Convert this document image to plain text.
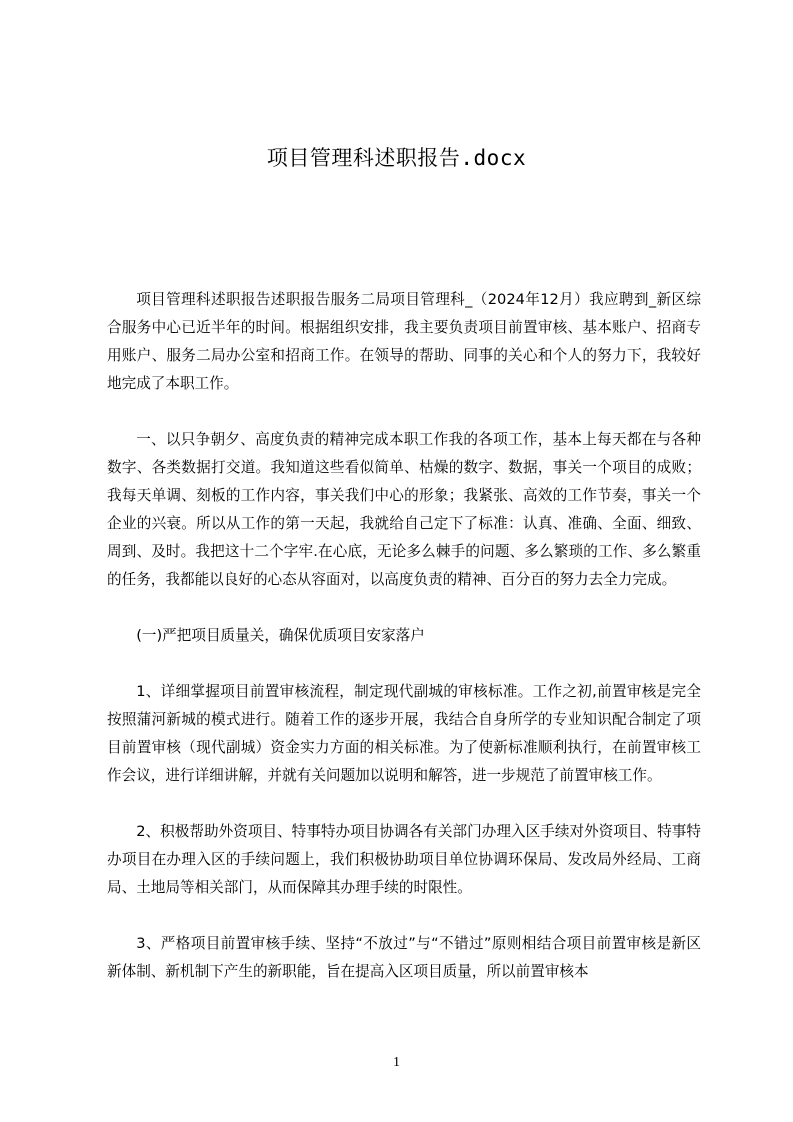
项目管理科述职报告.docx

项目管理科述职报告述职报告服务二局项目管理科_（2024年12月）我应聘到_新区综合服务中心已近半年的时间。根据组织安排，我主要负责项目前置审核、基本账户、招商专用账户、服务二局办公室和招商工作。在领导的帮助、同事的关心和个人的努力下，我较好地完成了本职工作。

一、以只争朝夕、高度负责的精神完成本职工作我的各项工作，基本上每天都在与各种数字、各类数据打交道。我知道这些看似简单、枯燥的数字、数据，事关一个项目的成败；我每天单调、刻板的工作内容，事关我们中心的形象；我紧张、高效的工作节奏，事关一个企业的兴衰。所以从工作的第一天起，我就给自己定下了标准：认真、准确、全面、细致、周到、及时。我把这十二个字牢.在心底，无论多么棘手的问题、多么繁琐的工作、多么繁重的任务，我都能以良好的心态从容面对，以高度负责的精神、百分百的努力去全力完成。

(一)严把项目质量关，确保优质项目安家落户

1、详细掌握项目前置审核流程，制定现代副城的审核标准。工作之初,前置审核是完全按照蒲河新城的模式进行。随着工作的逐步开展，我结合自身所学的专业知识配合制定了项目前置审核（现代副城）资金实力方面的相关标准。为了使新标准顺利执行，在前置审核工作会议，进行详细讲解，并就有关问题加以说明和解答，进一步规范了前置审核工作。

2、积极帮助外资项目、特事特办项目协调各有关部门办理入区手续对外资项目、特事特办项目在办理入区的手续问题上，我们积极协助项目单位协调环保局、发改局外经局、工商局、土地局等相关部门，从而保障其办理手续的时限性。

3、严格项目前置审核手续、坚持“不放过”与“不错过”原则相结合项目前置审核是新区新体制、新机制下产生的新职能，旨在提高入区项目质量，所以前置审核本

1
